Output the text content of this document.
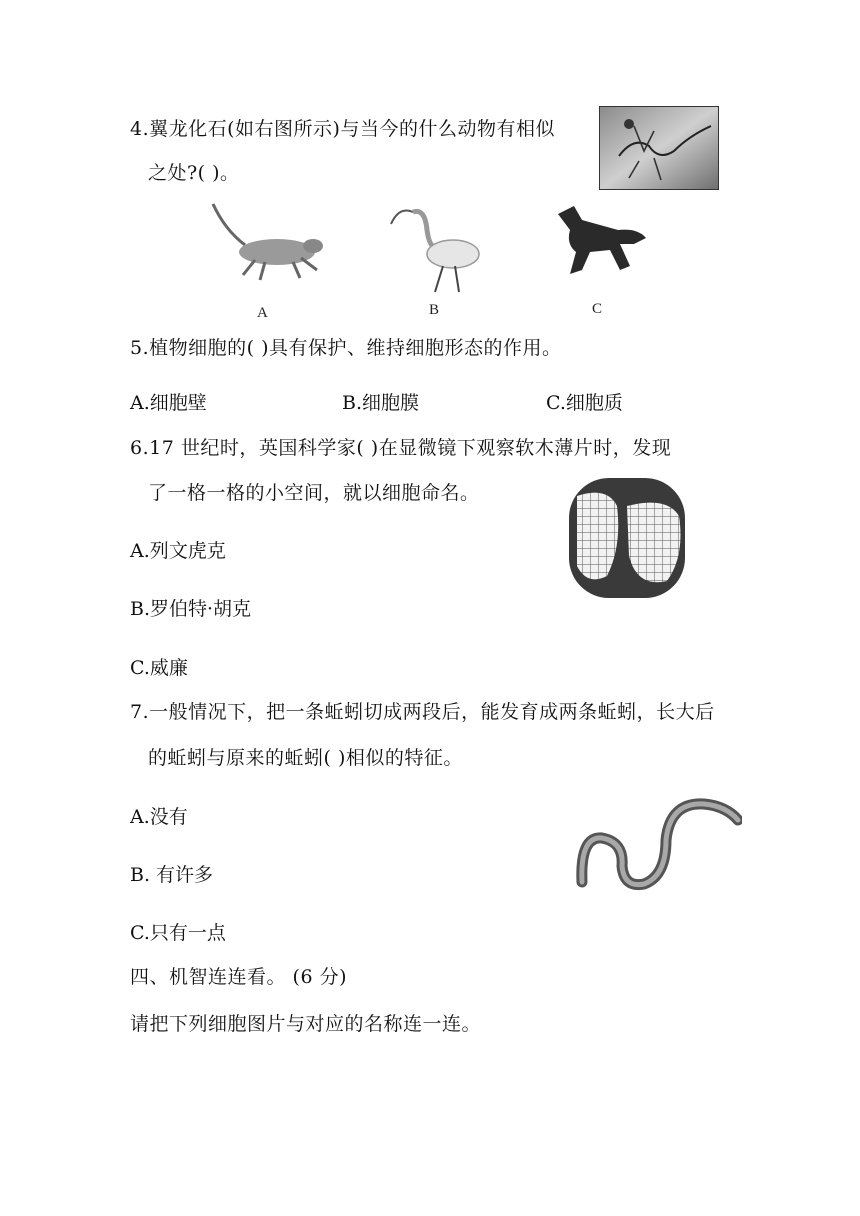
4.翼龙化石(如右图所示)与当今的什么动物有相似
之处?( )。
A	B	C
5.植物细胞的( )具有保护、维持细胞形态的作用。
A.细胞壁	B.细胞膜	C.细胞质
6.17 世纪时，英国科学家( )在显微镜下观察软木薄片时，发现
了一格一格的小空间，就以细胞命名。
A.列文虎克
B.罗伯特·胡克
C.威廉
7.一般情况下，把一条蚯蚓切成两段后，能发育成两条蚯蚓，长大后
的蚯蚓与原来的蚯蚓( )相似的特征。
A.没有
B. 有许多
C.只有一点
四、机智连连看。 (6 分)
请把下列细胞图片与对应的名称连一连。
